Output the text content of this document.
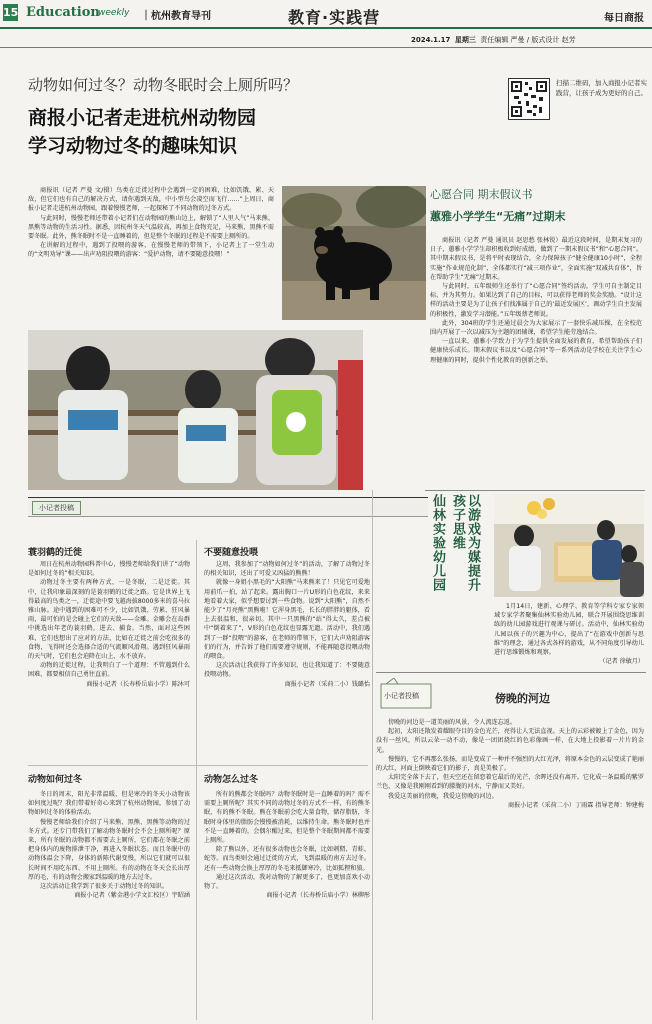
15 Education
weekly ｜杭州教育导刊	教育·实践营	每日商报
2024.1.17 星期三 责任编辑 严曼 / 版式设计 赵芳
扫描二维码，加入商报小记者实践营，让孩子成为更好的自己。
动物如何过冬？动物冬眠时会上厕所吗？
商报小记者走进杭州动物园
学习动物过冬的趣味知识

商报讯（记者 严曼 文/摄）鸟类在迁徙过程中会遇到一定的困难，比如饥饿、累、天敌，但它们也有自己的解决方式，请你遇到天敌，中小型鸟会凌空而飞行……”上周日，商报小记者走进杭州动物园，跟着慢慢老师，一起探秘了不同动物的过冬方式。

与此同时，慢慢老师还带着小记者们在动物园的熊山边上，解锁了“人里人气”马来熊、黑熊等动物的生活习性。据悉，因杭州冬天气温较高，再加上食物充足，马来熊、黑熊不需要冬眠。此外，熊冬眠时不是一直睡着的，但是整个冬眠的过程是不需要上厕所的。

在讲解的过程中，遇到了投喂的游客，在慢慢老师的带领下，小记者上了一堂生动的“文明劝导”课——出声劝阻投喂的游客：“爱护动物，请不要随意投喂！”

小记者投稿
蓑羽鹤的迁徙

周日在杭州动物园科普中心，慢慢老师给我们讲了“动物是如何过冬的”相关知识。

动物过冬主要有两种方式，一是冬眠，二是迁徙。其中，让我印象最深刻的是蓑羽鹤的迁徙之路。它是世界上飞得最高的鸟类之一，迁徙途中要飞越海拔8000多米的喜马拉雅山脉。途中遇到的困难可不少，比如饥饿、劳累、狂风暴雨，最可怕的是会碰上它们的天敌——金雕。金雕会在岛群中挑选出年老的蓑羽鹤，进去、捕食。当然，面对这些困难，它们也想出了应对的方法，比如在迁徙之前会吃很多的食物，飞得时还会选择合适的气流顺风滑翔。遇到狂风暴雨的天气时，它们也会迫降在山上，水不放弃。

动物的迁徙过程，让我明白了一个道理：不管遇到什么困难，都要相信自己勇往直前。

商报小记者（长寿桥岳庙小学）陈沐可

不要随意投喂

这周，我参加了“动物如何过冬”的活动，了解了动物过冬的相关知识，还出了可爱又凶猛的熊熊！

就像一身姐小黑毛的“大阳熊”马来熊来了！只见它可爱地用前爪一拍，站了起来。露出胸口一片U形的白色花纹，来来地看着大家，似乎想要讨到一些食物。说到“大阳熊”，自然不能少了“月亮熊”黑熊啦！它浑身黑毛，长长的胖胖的躯体，看上去很温和，很亲切。其中一只黑熊的“站”得太久，差点被中“倒着来了”，V形的白色花纹也显露无遗。活动中，我们遇到了一群“投喂”的游客，在老师的带领下，它们大声劝阻游客们的行为，并告诉了他们需要遵守规则，不能再随意投喂动物的喂食。

这次活动让我获得了许多知识，也让我知道了：不要随意投喂动物。

商报小记者（采荷二小）钱璐怡

动物如何过冬

冬日的周末，阳光非常温暖，但是寒冷的冬天小动物该如何度过呢？我们带着好奇心来到了杭州动物园，参加了动物如何过冬的体验活动。

慢慢老师给我们介绍了马来熊、黑熊、黑熊等动物的过冬方式。还专门带我们了解动物冬眠时会不会上厕所呢？原来，所有冬眠的动物都不需要去上厕所，它们都在冬眠之前把身体内的废物排泄干净，再进入冬眠状态。而且冬眠中的动物体温会下降，身体的新陈代谢变慢，所以它们就可以很长时间不用吃东西、不用上厕所。有的动物在冬天会长出厚厚的毛，有的动物会搬家到温暖的地方去过冬。

这次活动让我学到了很多关于动物过冬的知识。

商报小记者（紫金港小学文汇校区）宇昭涵

动物怎么过冬

所有的熊都会冬眠吗？动物冬眠时是一直睡着的吗？需不需要上厕所呢？其实不同的动物过冬的方式不一样，有的熊冬眠，有的熊不冬眠。熊在冬眠前会吃大量食物，储存脂肪，冬眠时身体里的脂肪会慢慢被消耗，以维持生命。熊冬眠时也并不是一直睡着的，会偶尔醒过来，但是整个冬眠期间都不需要上厕所。

除了熊以外，还有很多动物也会冬眠，比如刺猬、青蛙、蛇等。而鸟类则会通过迁徙的方式，飞到温暖的南方去过冬。还有一些动物会换上厚厚的冬毛来抵御寒冷，比如狐狸和狼。

通过这次活动，我对动物的了解更多了，也更加喜欢小动物了。

商报小记者（长寿桥岳庙小学）林柳彤

心愿合同 期末假议书
蕙雅小学学生“无痛”过期末

商报讯（记者 严曼 通讯员 赵思愁 张林锐）最近这段时间，是期末复习的日子，蕙雅小学学生却积极收到好成绩，做到了一期末假议书”和“心愿合同”。其中期末假议书，是将平时表现结合，全力保障孩子“健全健康10小时”，全程实施“作业规范化制”，全体都实行“减三项作业”，全面实施“双减共育体”，旨在帮助学生“无痛”过期末。

与此同时，五年级师生还举行了“心愿合同”签约活动，学生可自主制定目标，并为其努力。如果达到了自己的目标，可以获得老师的奖金奖励。“设计这样的活动主要是为了让孩子们找准属于自己的‘最近发展区’，调动学生自主发展的积极性，激发学习潜能。”五年级蔡老师说。

此外，304班的学生还通过晨会为大家展示了一套快乐减压操，在全校范围内开展了一次以减压为主题的团辅课，希望学生能劳逸结合。

一直以来，蕙雅小学致力于为学生提供全面发展的教育，希望帮助孩子们健康快乐成长。期末假议书以及“心愿合同”等一系列活动是学校在关注学生心理健康的同时，提供个性化教育的创新之举。

以游戏为媒提升孩子思维
仙林实验幼儿园

1月14日，建新、心理学、教育等学科专家专家领域专家学者聚集仙林实验幼儿园，联合开展围绕思维训练的幼儿园游戏进行观课与研讨。活动中，仙林实验幼儿园以孩子的兴趣为中心，提出了“在游戏中创新与思维”的理念，通过各式各样的游戏，从不同角度引导幼儿进行思维锻炼和观察。

（记者 徐敏月）

小记者投稿	傍晚的河边

傍晚的河边是一道美丽的风景，令人流连忘返。

起初，太阳还散发着耀眼夺目的金色光芒，亮得让人无法直视。天上的云彩被镀上了金色，因为没有一丝风，所以云朵一动不动，像是一团团烧红的色彩像画一样，在大地上投影着一片片的金光。

慢慢的，它不再那么张扬，而是变成了一种并不强烈的大红光泽，将原本金色的云层变成了艳丽的大红，河面上倒映着它们的影子，真是美极了。

太阳完全落下去了，但天空还在留恋着它最后的光芒，余晖还没有离开。它化成一条温暖的紫罗兰色，又像是我刚刚看到的朦胧的河水，宁静而又美好。

我爱这美丽的傍晚，我爱这傍晚的河边。

商报小记者（采荷二小）丁雨霖 指导老师：钟建梅
